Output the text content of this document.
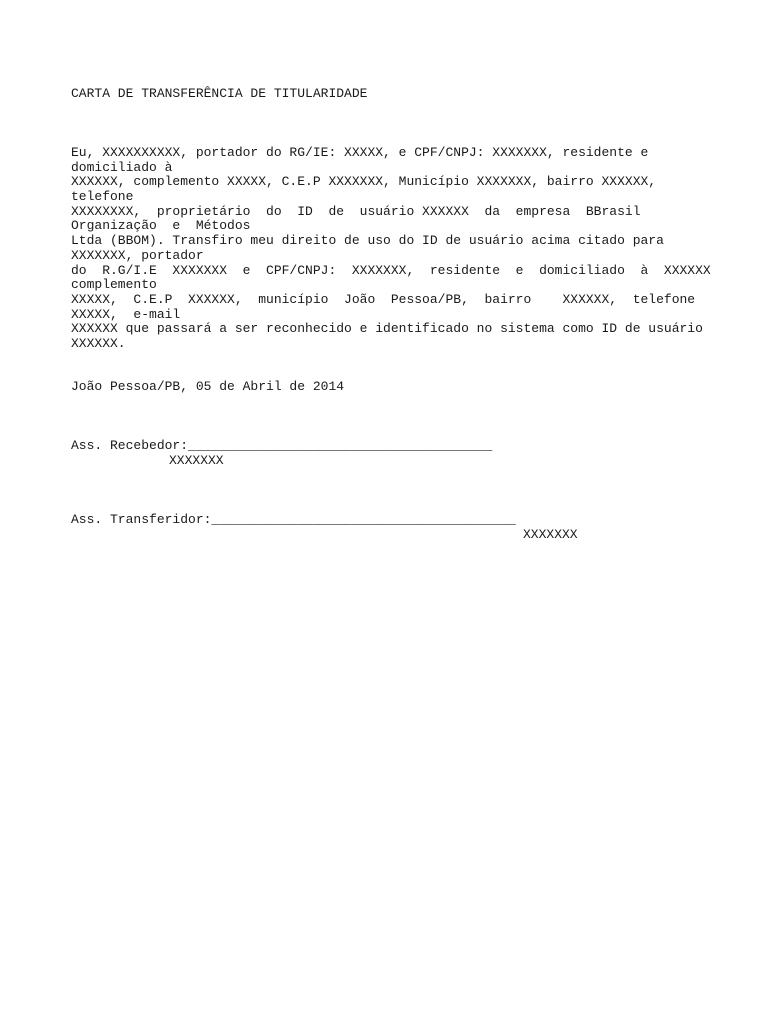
CARTA DE TRANSFERÊNCIA DE TITULARIDADE
Eu, XXXXXXXXXX, portador do RG/IE: XXXXX, e CPF/CNPJ: XXXXXXX, residente e
domiciliado à
XXXXXX, complemento XXXXX, C.E.P XXXXXXX, Município XXXXXXX, bairro XXXXXX,
telefone
XXXXXXXX,  proprietário  do  ID  de  usuário XXXXXX  da  empresa  BBrasil
Organização  e  Métodos
Ltda (BBOM). Transfiro meu direito de uso do ID de usuário acima citado para
XXXXXXX, portador
do  R.G/I.E  XXXXXXX  e  CPF/CNPJ:  XXXXXXX,  residente  e  domiciliado  à  XXXXXX
complemento
XXXXX,  C.E.P  XXXXXX,  município  João  Pessoa/PB,  bairro    XXXXXX,  telefone
XXXXX,  e-mail
XXXXXX que passará a ser reconhecido e identificado no sistema como ID de usuário
XXXXXX.
João Pessoa/PB, 05 de Abril de 2014
Ass. Recebedor:_______________________________________
XXXXXXX
Ass. Transferidor:_______________________________________
XXXXXXX
